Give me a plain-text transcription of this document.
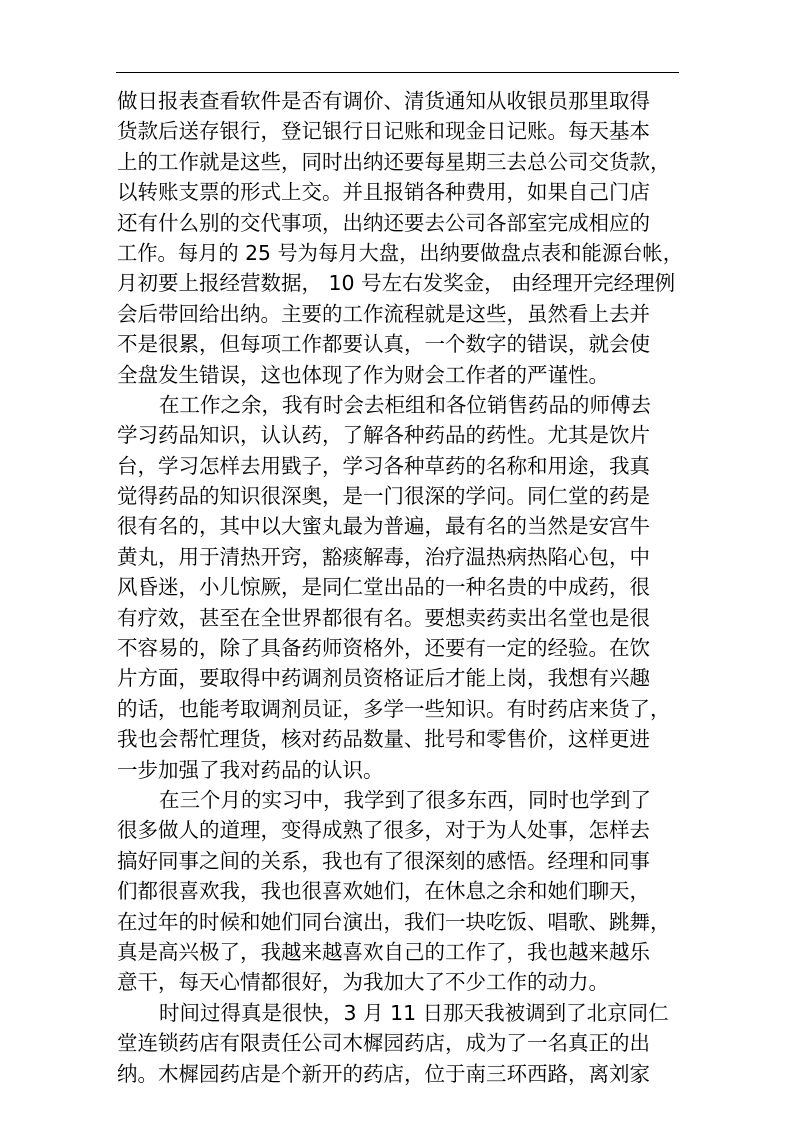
做日报表查看软件是否有调价、清货通知从收银员那里取得
货款后送存银行，登记银行日记账和现金日记账。每天基本
上的工作就是这些，同时出纳还要每星期三去总公司交货款，
以转账支票的形式上交。并且报销各种费用，如果自己门店
还有什么别的交代事项，出纳还要去公司各部室完成相应的
工作。每月的 25 号为每月大盘，出纳要做盘点表和能源台帐，
月初要上报经营数据， 10 号左右发奖金， 由经理开完经理例
会后带回给出纳。主要的工作流程就是这些，虽然看上去并
不是很累，但每项工作都要认真，一个数字的错误，就会使
全盘发生错误，这也体现了作为财会工作者的严谨性。
在工作之余，我有时会去柜组和各位销售药品的师傅去
学习药品知识，认认药，了解各种药品的药性。尤其是饮片
台，学习怎样去用戥子，学习各种草药的名称和用途，我真
觉得药品的知识很深奥，是一门很深的学问。同仁堂的药是
很有名的，其中以大蜜丸最为普遍，最有名的当然是安宫牛
黄丸，用于清热开窍，豁痰解毒，治疗温热病热陷心包，中
风昏迷，小儿惊厥，是同仁堂出品的一种名贵的中成药，很
有疗效，甚至在全世界都很有名。要想卖药卖出名堂也是很
不容易的，除了具备药师资格外，还要有一定的经验。在饮
片方面，要取得中药调剂员资格证后才能上岗，我想有兴趣
的话，也能考取调剂员证，多学一些知识。有时药店来货了，
我也会帮忙理货，核对药品数量、批号和零售价，这样更进
一步加强了我对药品的认识。
在三个月的实习中，我学到了很多东西，同时也学到了
很多做人的道理，变得成熟了很多，对于为人处事，怎样去
搞好同事之间的关系，我也有了很深刻的感悟。经理和同事
们都很喜欢我，我也很喜欢她们，在休息之余和她们聊天，
在过年的时候和她们同台演出，我们一块吃饭、唱歌、跳舞，
真是高兴极了，我越来越喜欢自己的工作了，我也越来越乐
意干，每天心情都很好，为我加大了不少工作的动力。
时间过得真是很快，3 月 11 日那天我被调到了北京同仁
堂连锁药店有限责任公司木樨园药店，成为了一名真正的出
纳。木樨园药店是个新开的药店，位于南三环西路，离刘家
